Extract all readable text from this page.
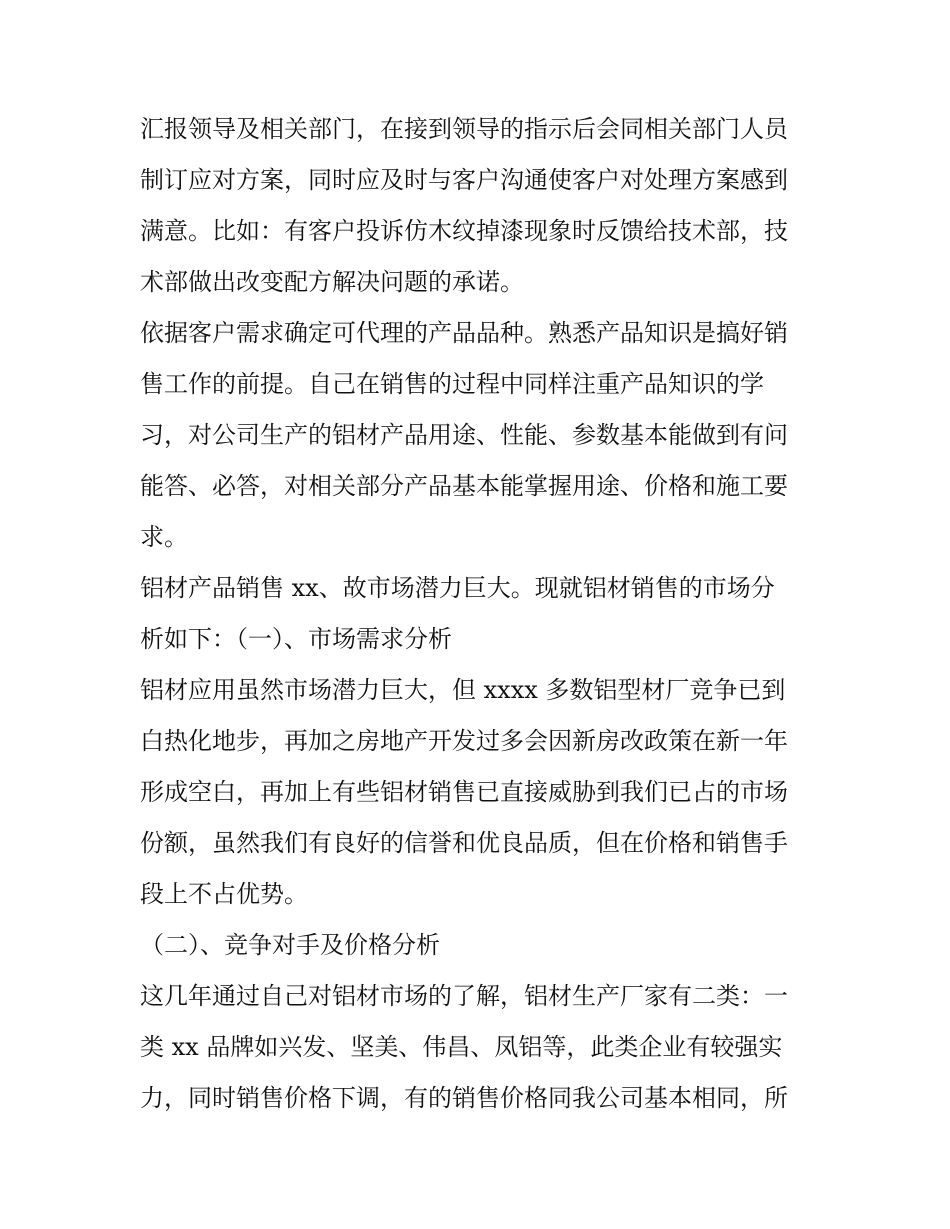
汇报领导及相关部门，在接到领导的指示后会同相关部门人员
制订应对方案，同时应及时与客户沟通使客户对处理方案感到
满意。比如：有客户投诉仿木纹掉漆现象时反馈给技术部，技
术部做出改变配方解决问题的承诺。
依据客户需求确定可代理的产品品种。熟悉产品知识是搞好销
售工作的前提。自己在销售的过程中同样注重产品知识的学
习，对公司生产的铝材产品用途、性能、参数基本能做到有问
能答、必答，对相关部分产品基本能掌握用途、价格和施工要
求。
铝材产品销售 xx、故市场潜力巨大。现就铝材销售的市场分
析如下：（一）、市场需求分析
铝材应用虽然市场潜力巨大，但 xxxx 多数铝型材厂竞争已到
白热化地步，再加之房地产开发过多会因新房改政策在新一年
形成空白，再加上有些铝材销售已直接威胁到我们已占的市场
份额，虽然我们有良好的信誉和优良品质，但在价格和销售手
段上不占优势。
（二）、竞争对手及价格分析
这几年通过自己对铝材市场的了解，铝材生产厂家有二类：一
类 xx 品牌如兴发、坚美、伟昌、凤铝等，此类企业有较强实
力，同时销售价格下调，有的销售价格同我公司基本相同，所
